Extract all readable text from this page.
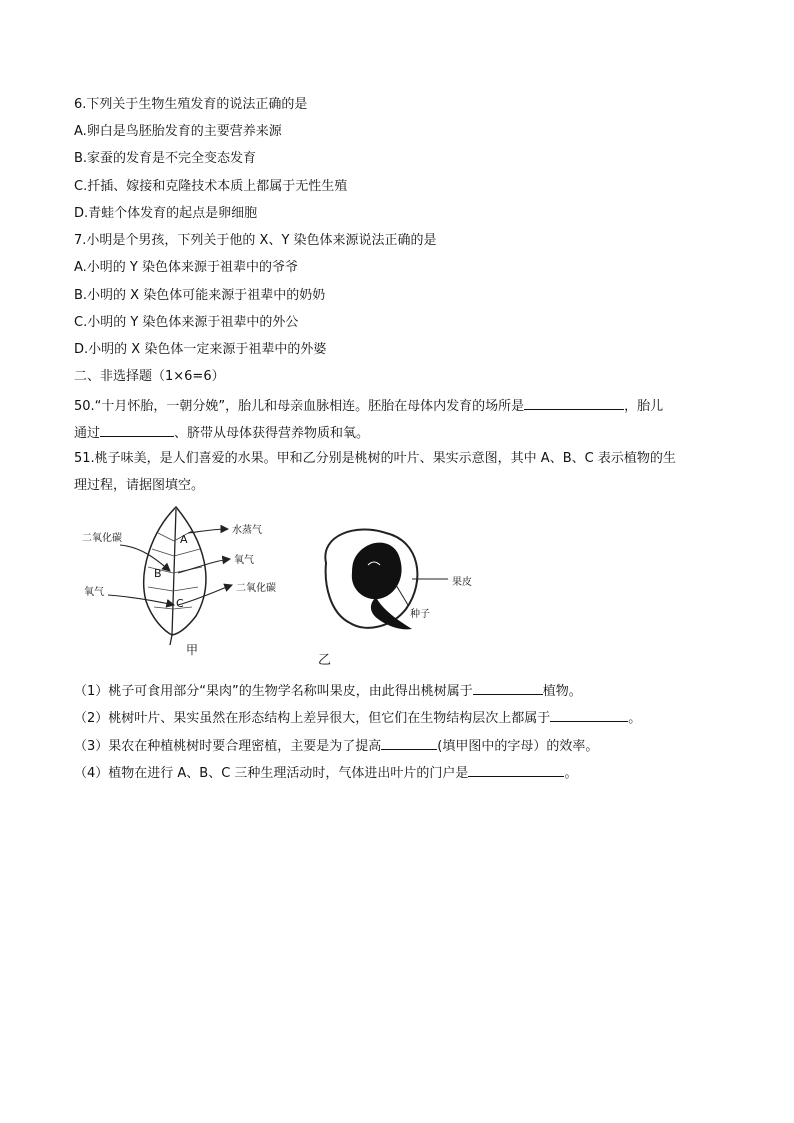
6.下列关于生物生殖发育的说法正确的是
A.卵白是鸟胚胎发育的主要营养来源
B.家蚕的发育是不完全变态发育
C.扦插、嫁接和克隆技术本质上都属于无性生殖
D.青蛙个体发育的起点是卵细胞
7.小明是个男孩，下列关于他的 X、Y 染色体来源说法正确的是
A.小明的 Y 染色体来源于祖辈中的爷爷
B.小明的 X 染色体可能来源于祖辈中的奶奶
C.小明的 Y 染色体来源于祖辈中的外公
D.小明的 X 染色体一定来源于祖辈中的外婆
二、非选择题（1×6=6）
50.“十月怀胎，一朝分娩”，胎儿和母亲血脉相连。胚胎在母体内发育的场所是	，胎儿
通过	、脐带从母体获得营养物质和氧。
51.桃子味美，是人们喜爱的水果。甲和乙分别是桃树的叶片、果实示意图，其中 A、B、C 表示植物的生
理过程，请据图填空。
二氧化碳
氧气
水蒸气
氧气
二氧化碳
A
B
C
甲
果皮
种子
乙
（1）桃子可食用部分“果肉”的生物学名称叫果皮，由此得出桃树属于	植物。
（2）桃树叶片、果实虽然在形态结构上差异很大，但它们在生物结构层次上都属于	。
（3）果农在种植桃树时要合理密植，主要是为了提高	(填甲图中的字母）的效率。
（4）植物在进行 A、B、C 三种生理活动时，气体进出叶片的门户是	。
